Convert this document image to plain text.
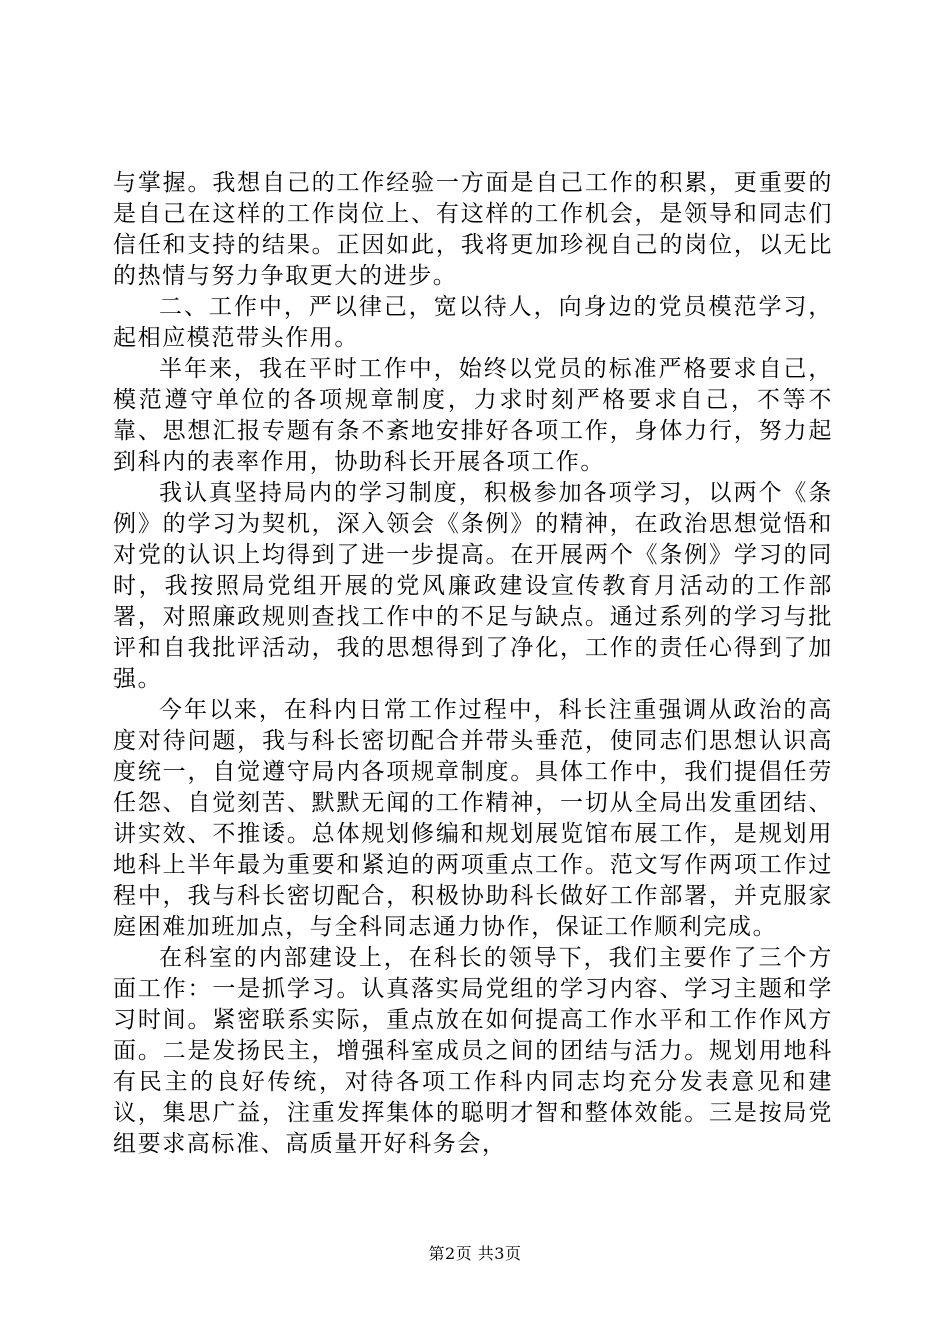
与掌握。我想自己的工作经验一方面是自己工作的积累，更重要的是自己在这样的工作岗位上、有这样的工作机会，是领导和同志们信任和支持的结果。正因如此，我将更加珍视自己的岗位，以无比的热情与努力争取更大的进步。

二、工作中，严以律己，宽以待人，向身边的党员模范学习，起相应模范带头作用。

半年来，我在平时工作中，始终以党员的标准严格要求自己，模范遵守单位的各项规章制度，力求时刻严格要求自己，不等不靠、思想汇报专题有条不紊地安排好各项工作，身体力行，努力起到科内的表率作用，协助科长开展各项工作。

我认真坚持局内的学习制度，积极参加各项学习，以两个《条例》的学习为契机，深入领会《条例》的精神，在政治思想觉悟和对党的认识上均得到了进一步提高。在开展两个《条例》学习的同时，我按照局党组开展的党风廉政建设宣传教育月活动的工作部署，对照廉政规则查找工作中的不足与缺点。通过系列的学习与批评和自我批评活动，我的思想得到了净化，工作的责任心得到了加强。

今年以来，在科内日常工作过程中，科长注重强调从政治的高度对待问题，我与科长密切配合并带头垂范，使同志们思想认识高度统一，自觉遵守局内各项规章制度。具体工作中，我们提倡任劳任怨、自觉刻苦、默默无闻的工作精神，一切从全局出发重团结、讲实效、不推诿。总体规划修编和规划展览馆布展工作，是规划用地科上半年最为重要和紧迫的两项重点工作。范文写作两项工作过程中，我与科长密切配合，积极协助科长做好工作部署，并克服家庭困难加班加点，与全科同志通力协作，保证工作顺利完成。

在科室的内部建设上，在科长的领导下，我们主要作了三个方面工作：一是抓学习。认真落实局党组的学习内容、学习主题和学习时间。紧密联系实际，重点放在如何提高工作水平和工作作风方面。二是发扬民主，增强科室成员之间的团结与活力。规划用地科有民主的良好传统，对待各项工作科内同志均充分发表意见和建议，集思广益，注重发挥集体的聪明才智和整体效能。三是按局党组要求高标准、高质量开好科务会，

第2页 共3页
